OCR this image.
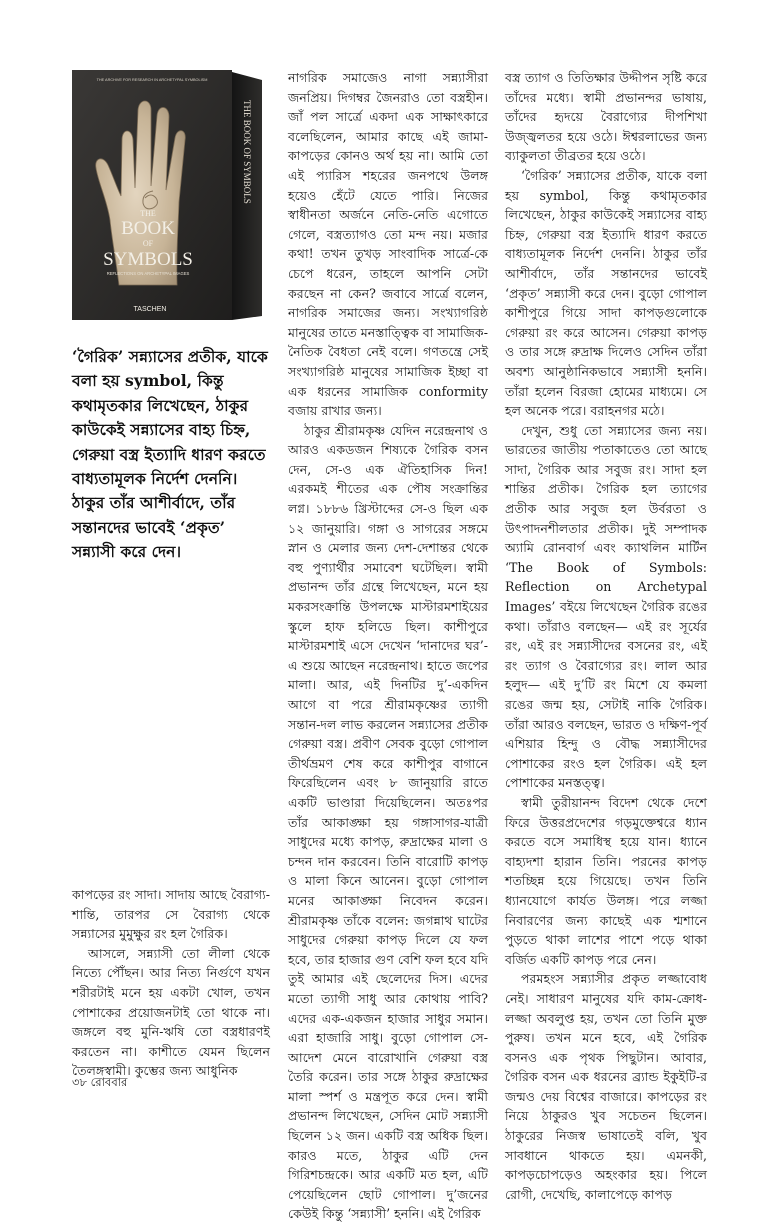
THE ARCHIVE FOR RESEARCH IN ARCHETYPAL SYMBOLISM
THE
BOOK
OF
SYMBOLS
REFLECTIONS ON ARCHETYPAL IMAGES
TASCHEN
THE BOOK OF SYMBOLS
‘গৈরিক’ সন্ন্যাসের প্রতীক, যাকে বলা হয় symbol, কিন্তু কথামৃতকার লিখেছেন, ঠাকুর কাউকেই সন্ন্যাসের বাহ্য চিহ্ন, গেরুয়া বস্ত্র ইত্যাদি ধারণ করতে বাধ্যতামূলক নির্দেশ দেননি। ঠাকুর তাঁর আশীর্বাদে, তাঁর সন্তানদের ভাবেই ‘প্রকৃত’ সন্ন্যাসী করে দেন।

কাপড়ের রং সাদা। সাদায় আছে বৈরাগ্য-শান্তি, তারপর সে বৈরাগ্য থেকে সন্ন্যাসের মুমুক্ষুর রং হল গৈরিক।

আসলে, সন্ন্যাসী তো লীলা থেকে নিত্যে পৌঁছন। আর নিত্য নির্গুণে যখন শরীরটাই মনে হয় একটা খোল, তখন পোশাকের প্রয়োজনটাই তো থাকে না। জঙ্গলে বহু মুনি-ঋষি তো বস্ত্রধারণই করতেন না। কাশীতে যেমন ছিলেন তৈলঙ্গস্বামী। কুম্ভের জন্য আধুনিক

নাগরিক সমাজেও নাগা সন্ন্যাসীরা জনপ্রিয়। দিগম্বর জৈনরাও তো বস্ত্রহীন। জাঁ পল সার্ত্রে একদা এক সাক্ষাৎকারে বলেছিলেন, আমার কাছে এই জামা-কাপড়ের কোনও অর্থ হয় না। আমি তো এই প্যারিস শহরের জনপথে উলঙ্গ হয়েও হেঁটে যেতে পারি। নিজের স্বাধীনতা অর্জনে নেতি-নেতি এগোতে গেলে, বস্ত্রত্যাগও তো মন্দ নয়। মজার কথা! তখন তুখড় সাংবাদিক সার্ত্রে-কে চেপে ধরেন, তাহলে আপনি সেটা করছেন না কেন? জবাবে সার্ত্রে বলেন, নাগরিক সমাজের জন্য। সংখ্যাগরিষ্ঠ মানুষের তাতে মনস্তাত্ত্বিক বা সামাজিক-নৈতিক বৈধতা নেই বলে। গণতন্ত্রে সেই সংখ্যাগরিষ্ঠ মানুষের সামাজিক ইচ্ছা বা এক ধরনের সামাজিক conformity বজায় রাখার জন্য।

ঠাকুর শ্রীরামকৃষ্ণ যেদিন নরেন্দ্রনাথ ও আরও একডজন শিষ্যকে গৈরিক বসন দেন, সে-ও এক ঐতিহাসিক দিন! এরকমই শীতের এক পৌষ সংক্রান্তির লগ্ন। ১৮৮৬ খ্রিস্টাব্দের সে-ও ছিল এক ১২ জানুয়ারি। গঙ্গা ও সাগরের সঙ্গমে স্নান ও মেলার জন্য দেশ-দেশান্তর থেকে বহু পুণ্যার্থীর সমাবেশ ঘটেছিল। স্বামী প্রভানন্দ তাঁর গ্রন্থে লিখেছেন, মনে হয় মকরসংক্রান্তি উপলক্ষে মাস্টারমশাইয়ের স্কুলে হাফ হলিডে ছিল। কাশীপুরে মাস্টারমশাই এসে দেখেন ‘দানাদের ঘর’-এ শুয়ে আছেন নরেন্দ্রনাথ। হাতে জপের মালা। আর, এই দিনটির দু’-একদিন আগে বা পরে শ্রীরামকৃষ্ণের ত্যাগী সন্তান-দল লাভ করলেন সন্ন্যাসের প্রতীক গেরুয়া বস্ত্র। প্রবীণ সেবক বুড়ো গোপাল তীর্থভ্রমণ শেষ করে কাশীপুর বাগানে ফিরেছিলেন এবং ৮ জানুয়ারি রাতে একটি ভাণ্ডারা দিয়েছিলেন। অতঃপর তাঁর আকাঙ্ক্ষা হয় গঙ্গাসাগর-যাত্রী সাধুদের মধ্যে কাপড়, রুদ্রাক্ষের মালা ও চন্দন দান করবেন। তিনি বারোটি কাপড় ও মালা কিনে আনেন। বুড়ো গোপাল মনের আকাঙ্ক্ষা নিবেদন করেন। শ্রীরামকৃষ্ণ তাঁকে বলেন: জগন্নাথ ঘাটের সাধুদের গেরুয়া কাপড় দিলে যে ফল হবে, তার হাজার গুণ বেশি ফল হবে যদি তুই আমার এই ছেলেদের দিস। এদের মতো ত্যাগী সাধু আর কোথায় পাবি? এদের এক-একজন হাজার সাধুর সমান। এরা হাজারি সাধু। বুড়ো গোপাল সে-আদেশ মেনে বারোখানি গেরুয়া বস্ত্র তৈরি করেন। তার সঙ্গে ঠাকুর রুদ্রাক্ষের মালা স্পর্শ ও মন্ত্রপূত করে দেন। স্বামী প্রভানন্দ লিখেছেন, সেদিন মোট সন্ন্যাসী ছিলেন ১২ জন। একটি বস্ত্র অধিক ছিল। কারও মতে, ঠাকুর এটি দেন গিরিশচন্দ্রকে। আর একটি মত হল, এটি পেয়েছিলেন ছোট গোপাল। দু’জনের কেউই কিন্তু ‘সন্ন্যাসী’ হননি। এই গৈরিক

বস্ত্র ত্যাগ ও তিতিক্ষার উদ্দীপন সৃষ্টি করে তাঁদের মধ্যে। স্বামী প্রভানন্দর ভাষায়, তাঁদের হৃদয়ে বৈরাগ্যের দীপশিখা উজ্জ্বলতর হয়ে ওঠে। ঈশ্বরলাভের জন্য ব্যাকুলতা তীব্রতর হয়ে ওঠে।

‘গৈরিক’ সন্ন্যাসের প্রতীক, যাকে বলা হয় symbol, কিন্তু কথামৃতকার লিখেছেন, ঠাকুর কাউকেই সন্ন্যাসের বাহ্য চিহ্ন, গেরুয়া বস্ত্র ইত্যাদি ধারণ করতে বাধ্যতামূলক নির্দেশ দেননি। ঠাকুর তাঁর আশীর্বাদে, তাঁর সন্তানদের ভাবেই ‘প্রকৃত’ সন্ন্যাসী করে দেন। বুড়ো গোপাল কাশীপুরে গিয়ে সাদা কাপড়গুলোকে গেরুয়া রং করে আসেন। গেরুয়া কাপড় ও তার সঙ্গে রুদ্রাক্ষ দিলেও সেদিন তাঁরা অবশ্য আনুষ্ঠানিকভাবে সন্ন্যাসী হননি। তাঁরা হলেন বিরজা হোমের মাধ্যমে। সে হল অনেক পরে। বরাহনগর মঠে।

দেখুন, শুধু তো সন্ন্যাসের জন্য নয়। ভারতের জাতীয় পতাকাতেও তো আছে সাদা, গৈরিক আর সবুজ রং। সাদা হল শান্তির প্রতীক। গৈরিক হল ত্যাগের প্রতীক আর সবুজ হল উর্বরতা ও উৎপাদনশীলতার প্রতীক। দুই সম্পাদক অ্যামি রোনবার্গ এবং ক্যাথলিন মার্টিন ‘The Book of Symbols: Reflection on Archetypal Images’ বইয়ে লিখেছেন গৈরিক রঙের কথা। তাঁরাও বলছেন— এই রং সূর্যের রং, এই রং সন্ন্যাসীদের বসনের রং, এই রং ত্যাগ ও বৈরাগ্যের রং। লাল আর হলুদ— এই দু’টি রং মিশে যে কমলা রঙের জন্ম হয়, সেটাই নাকি গৈরিক। তাঁরা আরও বলছেন, ভারত ও দক্ষিণ-পূর্ব এশিয়ার হিন্দু ও বৌদ্ধ সন্ন্যাসীদের পোশাকের রংও হল গৈরিক। এই হল পোশাকের মনস্তত্ত্ব।

স্বামী তুরীয়ানন্দ বিদেশ থেকে দেশে ফিরে উত্তরপ্রদেশের গড়মুক্তেশ্বরে ধ্যান করতে বসে সমাধিস্থ হয়ে যান। ধ্যানে বাহ্যদশা হারান তিনি। পরনের কাপড় শতচ্ছিন্ন হয়ে গিয়েছে। তখন তিনি ধ্যানযোগে কার্যত উলঙ্গ। পরে লজ্জা নিবারণের জন্য কাছেই এক শ্মশানে পুড়তে থাকা লাশের পাশে পড়ে থাকা বর্জিত একটি কাপড় পরে নেন।

পরমহংস সন্ন্যাসীর প্রকৃত লজ্জাবোধ নেই। সাধারণ মানুষের যদি কাম-ক্রোধ-লজ্জা অবলুপ্ত হয়, তখন তো তিনি মুক্ত পুরুষ। তখন মনে হবে, এই গৈরিক বসনও এক পৃথক পিছুটান। আবার, গৈরিক বসন এক ধরনের ব্র্যান্ড ইকুইটি-র জন্মও দেয় বিশ্বের বাজারে। কাপড়ের রং নিয়ে ঠাকুরও খুব সচেতন ছিলেন। ঠাকুরের নিজস্ব ভাষাতেই বলি, খুব সাবধানে থাকতে হয়। এমনকী, কাপড়চোপড়েও অহংকার হয়। পিলে রোগী, দেখেছি, কালাপেড়ে কাপড়

৩৮ রোববার
